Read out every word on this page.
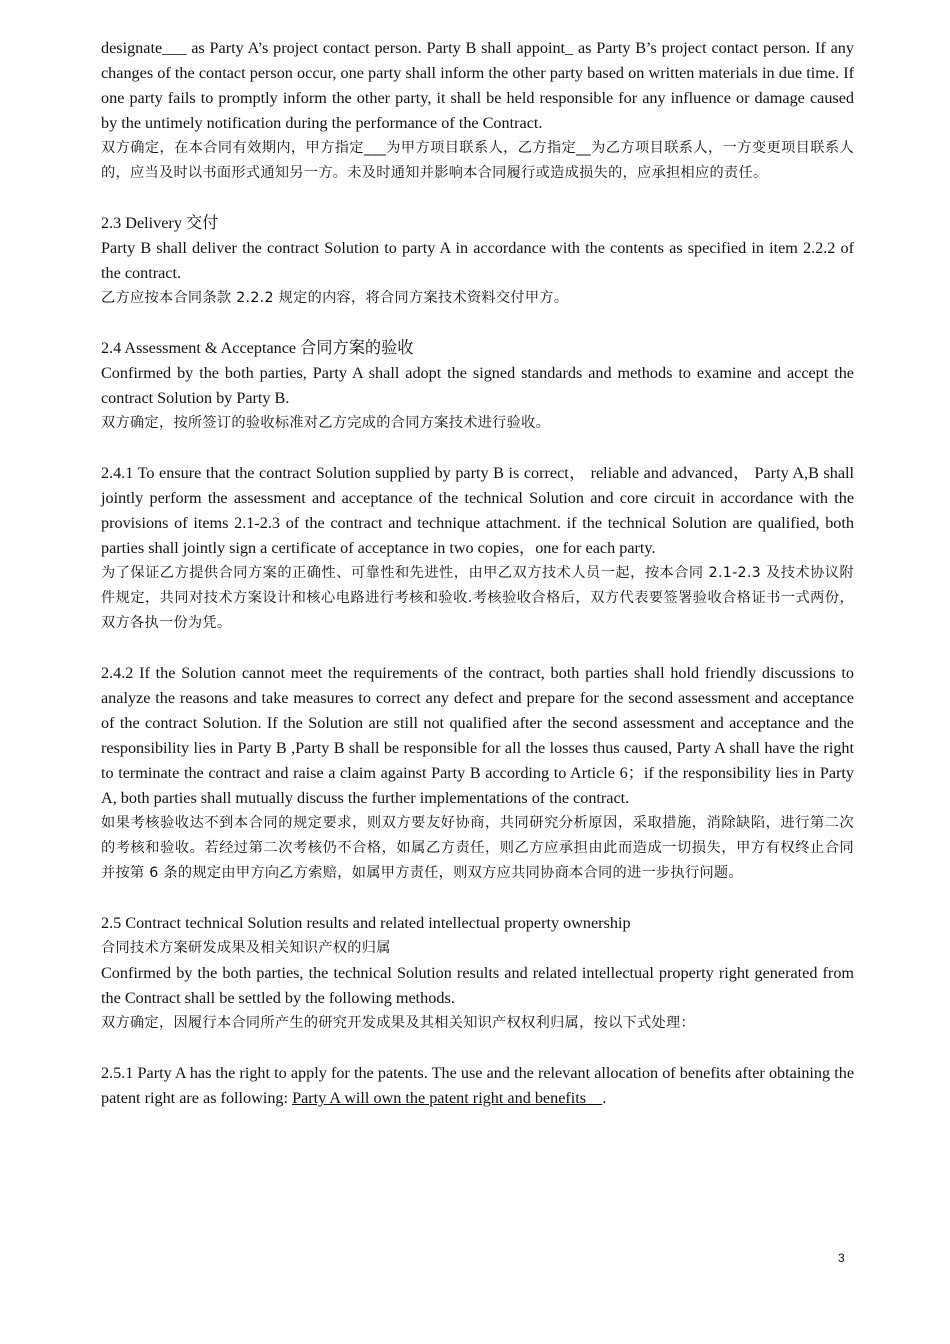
designate___ as Party A’s project contact person. Party B shall appoint_ as Party B’s project contact person. If any changes of the contact person occur, one party shall inform the other party based on written materials in due time. If one party fails to promptly inform the other party, it shall be held responsible for any influence or damage caused by the untimely notification during the performance of the Contract.

双方确定，在本合同有效期内，甲方指定___为甲方项目联系人，乙方指定__为乙方项目联系人，一方变更项目联系人的，应当及时以书面形式通知另一方。未及时通知并影响本合同履行或造成损失的，应承担相应的责任。

2.3 Delivery 交付

Party B shall deliver the contract Solution to party A in accordance with the contents as specified in item 2.2.2 of the contract.

乙方应按本合同条款 2.2.2 规定的内容，将合同方案技术资料交付甲方。

2.4 Assessment & Acceptance 合同方案的验收

Confirmed by the both parties, Party A shall adopt the signed standards and methods to examine and accept the contract Solution by Party B.

双方确定，按所签订的验收标准对乙方完成的合同方案技术进行验收。

2.4.1 To ensure that the contract Solution supplied by party B is correct， reliable and advanced， Party A,B shall jointly perform the assessment and acceptance of the technical Solution and core circuit in accordance with the provisions of items 2.1-2.3 of the contract and technique attachment. if the technical Solution are qualified, both parties shall jointly sign a certificate of acceptance in two copies，one for each party.

为了保证乙方提供合同方案的正确性、可靠性和先进性，由甲乙双方技术人员一起，按本合同 2.1-2.3 及技术协议附件规定，共同对技术方案设计和核心电路进行考核和验收.考核验收合格后，双方代表要签署验收合格证书一式两份，双方各执一份为凭。

2.4.2 If the Solution cannot meet the requirements of the contract, both parties shall hold friendly discussions to analyze the reasons and take measures to correct any defect and prepare for the second assessment and acceptance of the contract Solution. If the Solution are still not qualified after the second assessment and acceptance and the responsibility lies in Party B ,Party B shall be responsible for all the losses thus caused, Party A shall have the right to terminate the contract and raise a claim against Party B according to Article 6；if the responsibility lies in Party A, both parties shall mutually discuss the further implementations of the contract.

如果考核验收达不到本合同的规定要求，则双方要友好协商，共同研究分析原因，采取措施，消除缺陷，进行第二次的考核和验收。若经过第二次考核仍不合格，如属乙方责任，则乙方应承担由此而造成一切损失，甲方有权终止合同并按第 6 条的规定由甲方向乙方索赔，如属甲方责任，则双方应共同协商本合同的进一步执行问题。

2.5 Contract technical Solution results and related intellectual property ownership

合同技术方案研发成果及相关知识产权的归属

Confirmed by the both parties, the technical Solution results and related intellectual property right generated from the Contract shall be settled by the following methods.

双方确定，因履行本合同所产生的研究开发成果及其相关知识产权权利归属，按以下式处理：

2.5.1 Party A has the right to apply for the patents. The use and the relevant allocation of benefits after obtaining the patent right are as following: Party A will own the patent right and benefits    .

3
